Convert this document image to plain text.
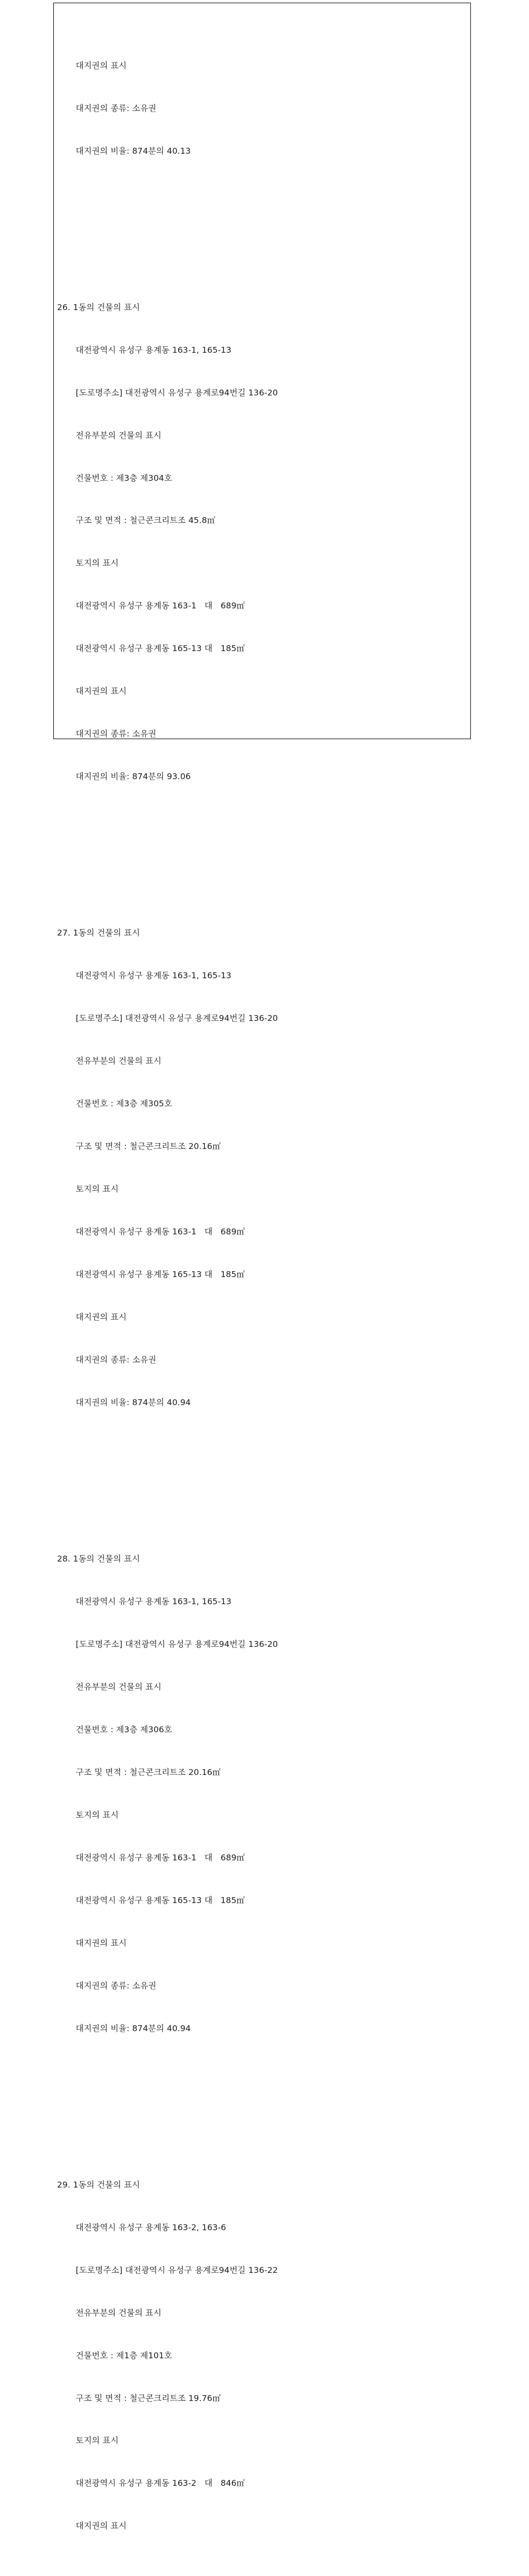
대지권의 표시

대지권의 종류: 소유권

대지권의 비율: 874분의 40.13

26. 1동의 건물의 표시

대전광역시 유성구 용계동 163-1, 165-13

[도로명주소] 대전광역시 유성구 용계로94번길 136-20

전유부분의 건물의 표시

건물번호 : 제3층 제304호

구조 및 면적 : 철근콘크리트조 45.8㎡

토지의 표시

대전광역시 유성구 용계동 163-1   대   689㎡

대전광역시 유성구 용계동 165-13 대   185㎡

대지권의 표시

대지권의 종류: 소유권

대지권의 비율: 874분의 93.06

27. 1동의 건물의 표시

대전광역시 유성구 용계동 163-1, 165-13

[도로명주소] 대전광역시 유성구 용계로94번길 136-20

전유부분의 건물의 표시

건물번호 : 제3층 제305호

구조 및 면적 : 철근콘크리트조 20.16㎡

토지의 표시

대전광역시 유성구 용계동 163-1   대   689㎡

대전광역시 유성구 용계동 165-13 대   185㎡

대지권의 표시

대지권의 종류: 소유권

대지권의 비율: 874분의 40.94

28. 1동의 건물의 표시

대전광역시 유성구 용계동 163-1, 165-13

[도로명주소] 대전광역시 유성구 용계로94번길 136-20

전유부분의 건물의 표시

건물번호 : 제3층 제306호

구조 및 면적 : 철근콘크리트조 20.16㎡

토지의 표시

대전광역시 유성구 용계동 163-1   대   689㎡

대전광역시 유성구 용계동 165-13 대   185㎡

대지권의 표시

대지권의 종류: 소유권

대지권의 비율: 874분의 40.94

29. 1동의 건물의 표시

대전광역시 유성구 용계동 163-2, 163-6

[도로명주소] 대전광역시 유성구 용계로94번길 136-22

전유부분의 건물의 표시

건물번호 : 제1층 제101호

구조 및 면적 : 철근콘크리트조 19.76㎡

토지의 표시

대전광역시 유성구 용계동 163-2   대   846㎡

대지권의 표시
